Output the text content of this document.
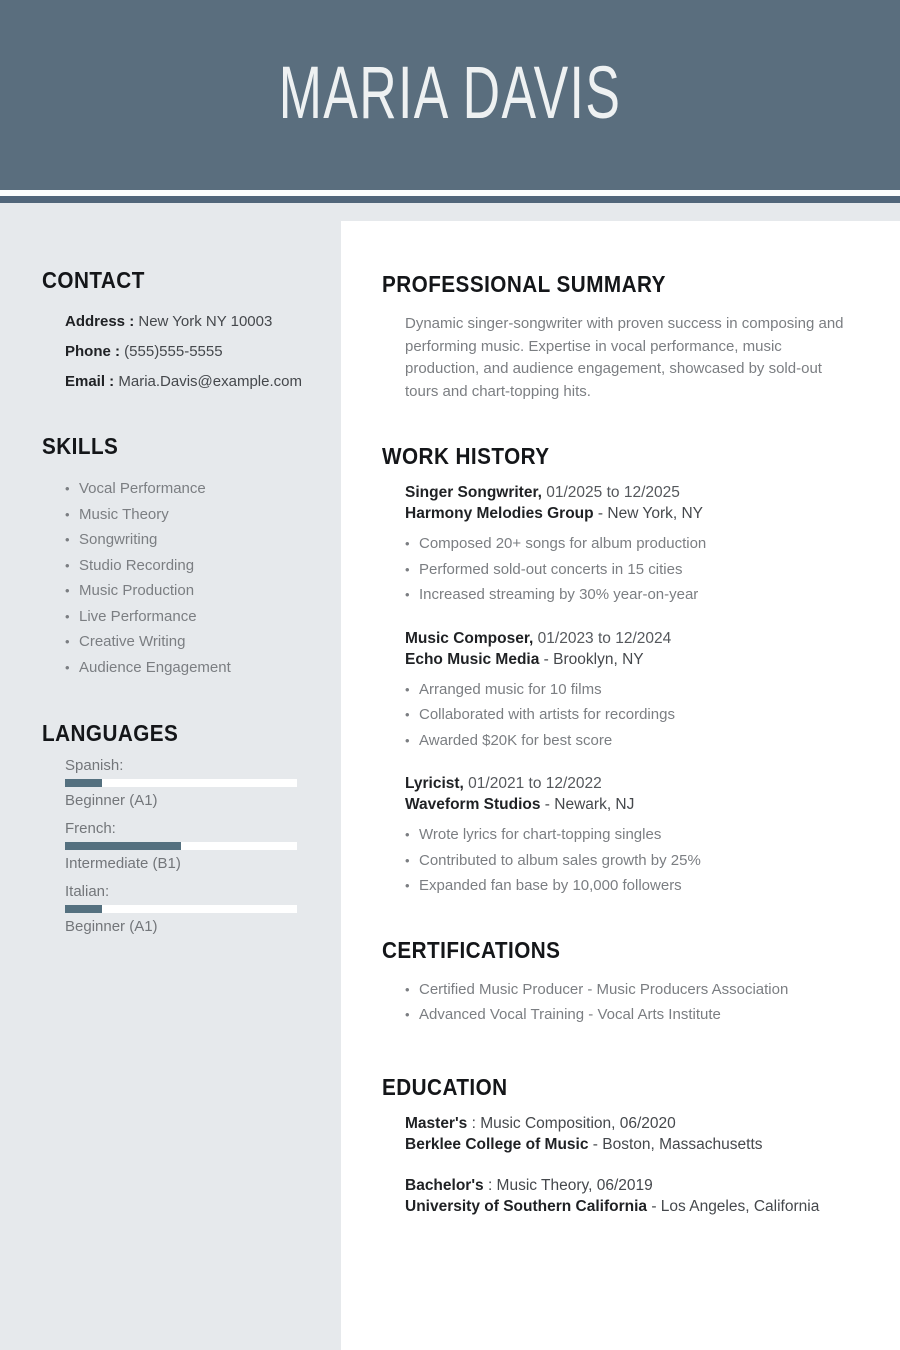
MARIA DAVIS
CONTACT
Address : New York NY 10003
Phone : (555)555-5555
Email : Maria.Davis@example.com
SKILLS
• Vocal Performance
• Music Theory
• Songwriting
• Studio Recording
• Music Production
• Live Performance
• Creative Writing
• Audience Engagement
LANGUAGES
Spanish:
Beginner (A1)
French:
Intermediate (B1)
Italian:
Beginner (A1)
PROFESSIONAL SUMMARY

Dynamic singer-songwriter with proven success in composing and performing music. Expertise in vocal performance, music production, and audience engagement, showcased by sold-out tours and chart-topping hits.

WORK HISTORY
Singer Songwriter, 01/2025 to 12/2025
Harmony Melodies Group - New York, NY
• Composed 20+ songs for album production
• Performed sold-out concerts in 15 cities
• Increased streaming by 30% year-on-year
Music Composer, 01/2023 to 12/2024
Echo Music Media - Brooklyn, NY
• Arranged music for 10 films
• Collaborated with artists for recordings
• Awarded $20K for best score
Lyricist, 01/2021 to 12/2022
Waveform Studios - Newark, NJ
• Wrote lyrics for chart-topping singles
• Contributed to album sales growth by 25%
• Expanded fan base by 10,000 followers
CERTIFICATIONS
• Certified Music Producer - Music Producers Association
• Advanced Vocal Training - Vocal Arts Institute
EDUCATION
Master's : Music Composition, 06/2020
Berklee College of Music - Boston, Massachusetts
Bachelor's : Music Theory, 06/2019
University of Southern California - Los Angeles, California
